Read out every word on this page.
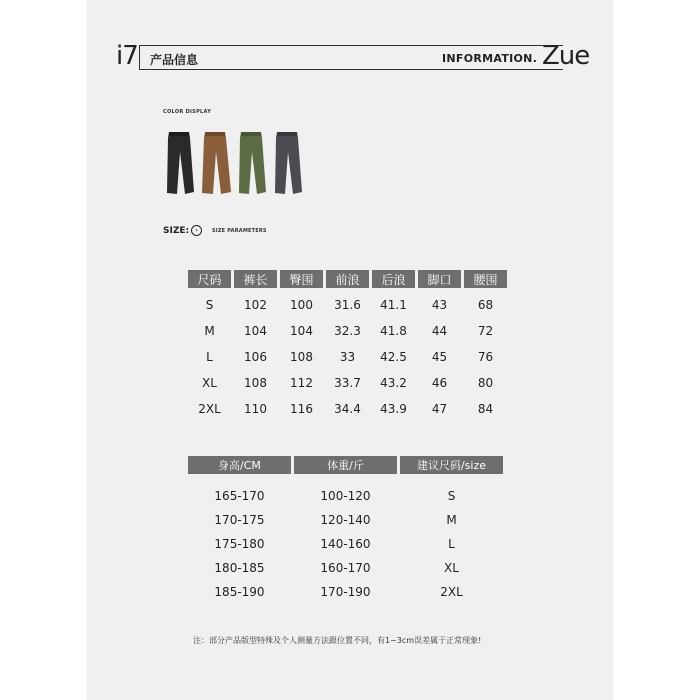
i7 产品信息	INFORMATION. Zue
COLOR DISPLAY
SIZE: ›	SIZE PARAMETERS
尺码	裤长	臀围	前浪	后浪	脚口	腰围
S	102	100	31.6	41.1	43	68
M	104	104	32.3	41.8	44	72
L	106	108	33	42.5	45	76
XL	108	112	33.7	43.2	46	80
2XL	110	116	34.4	43.9	47	84
身高/CM	体重/斤	建议尺码/size

165-170	100-120	S
170-175	120-140	M
175-180	140-160	L
180-185	160-170	XL
185-190	170-190	2XL
注：部分产品版型特殊及个人测量方法跟位置不同，有1~3cm误差属于正常现象!
